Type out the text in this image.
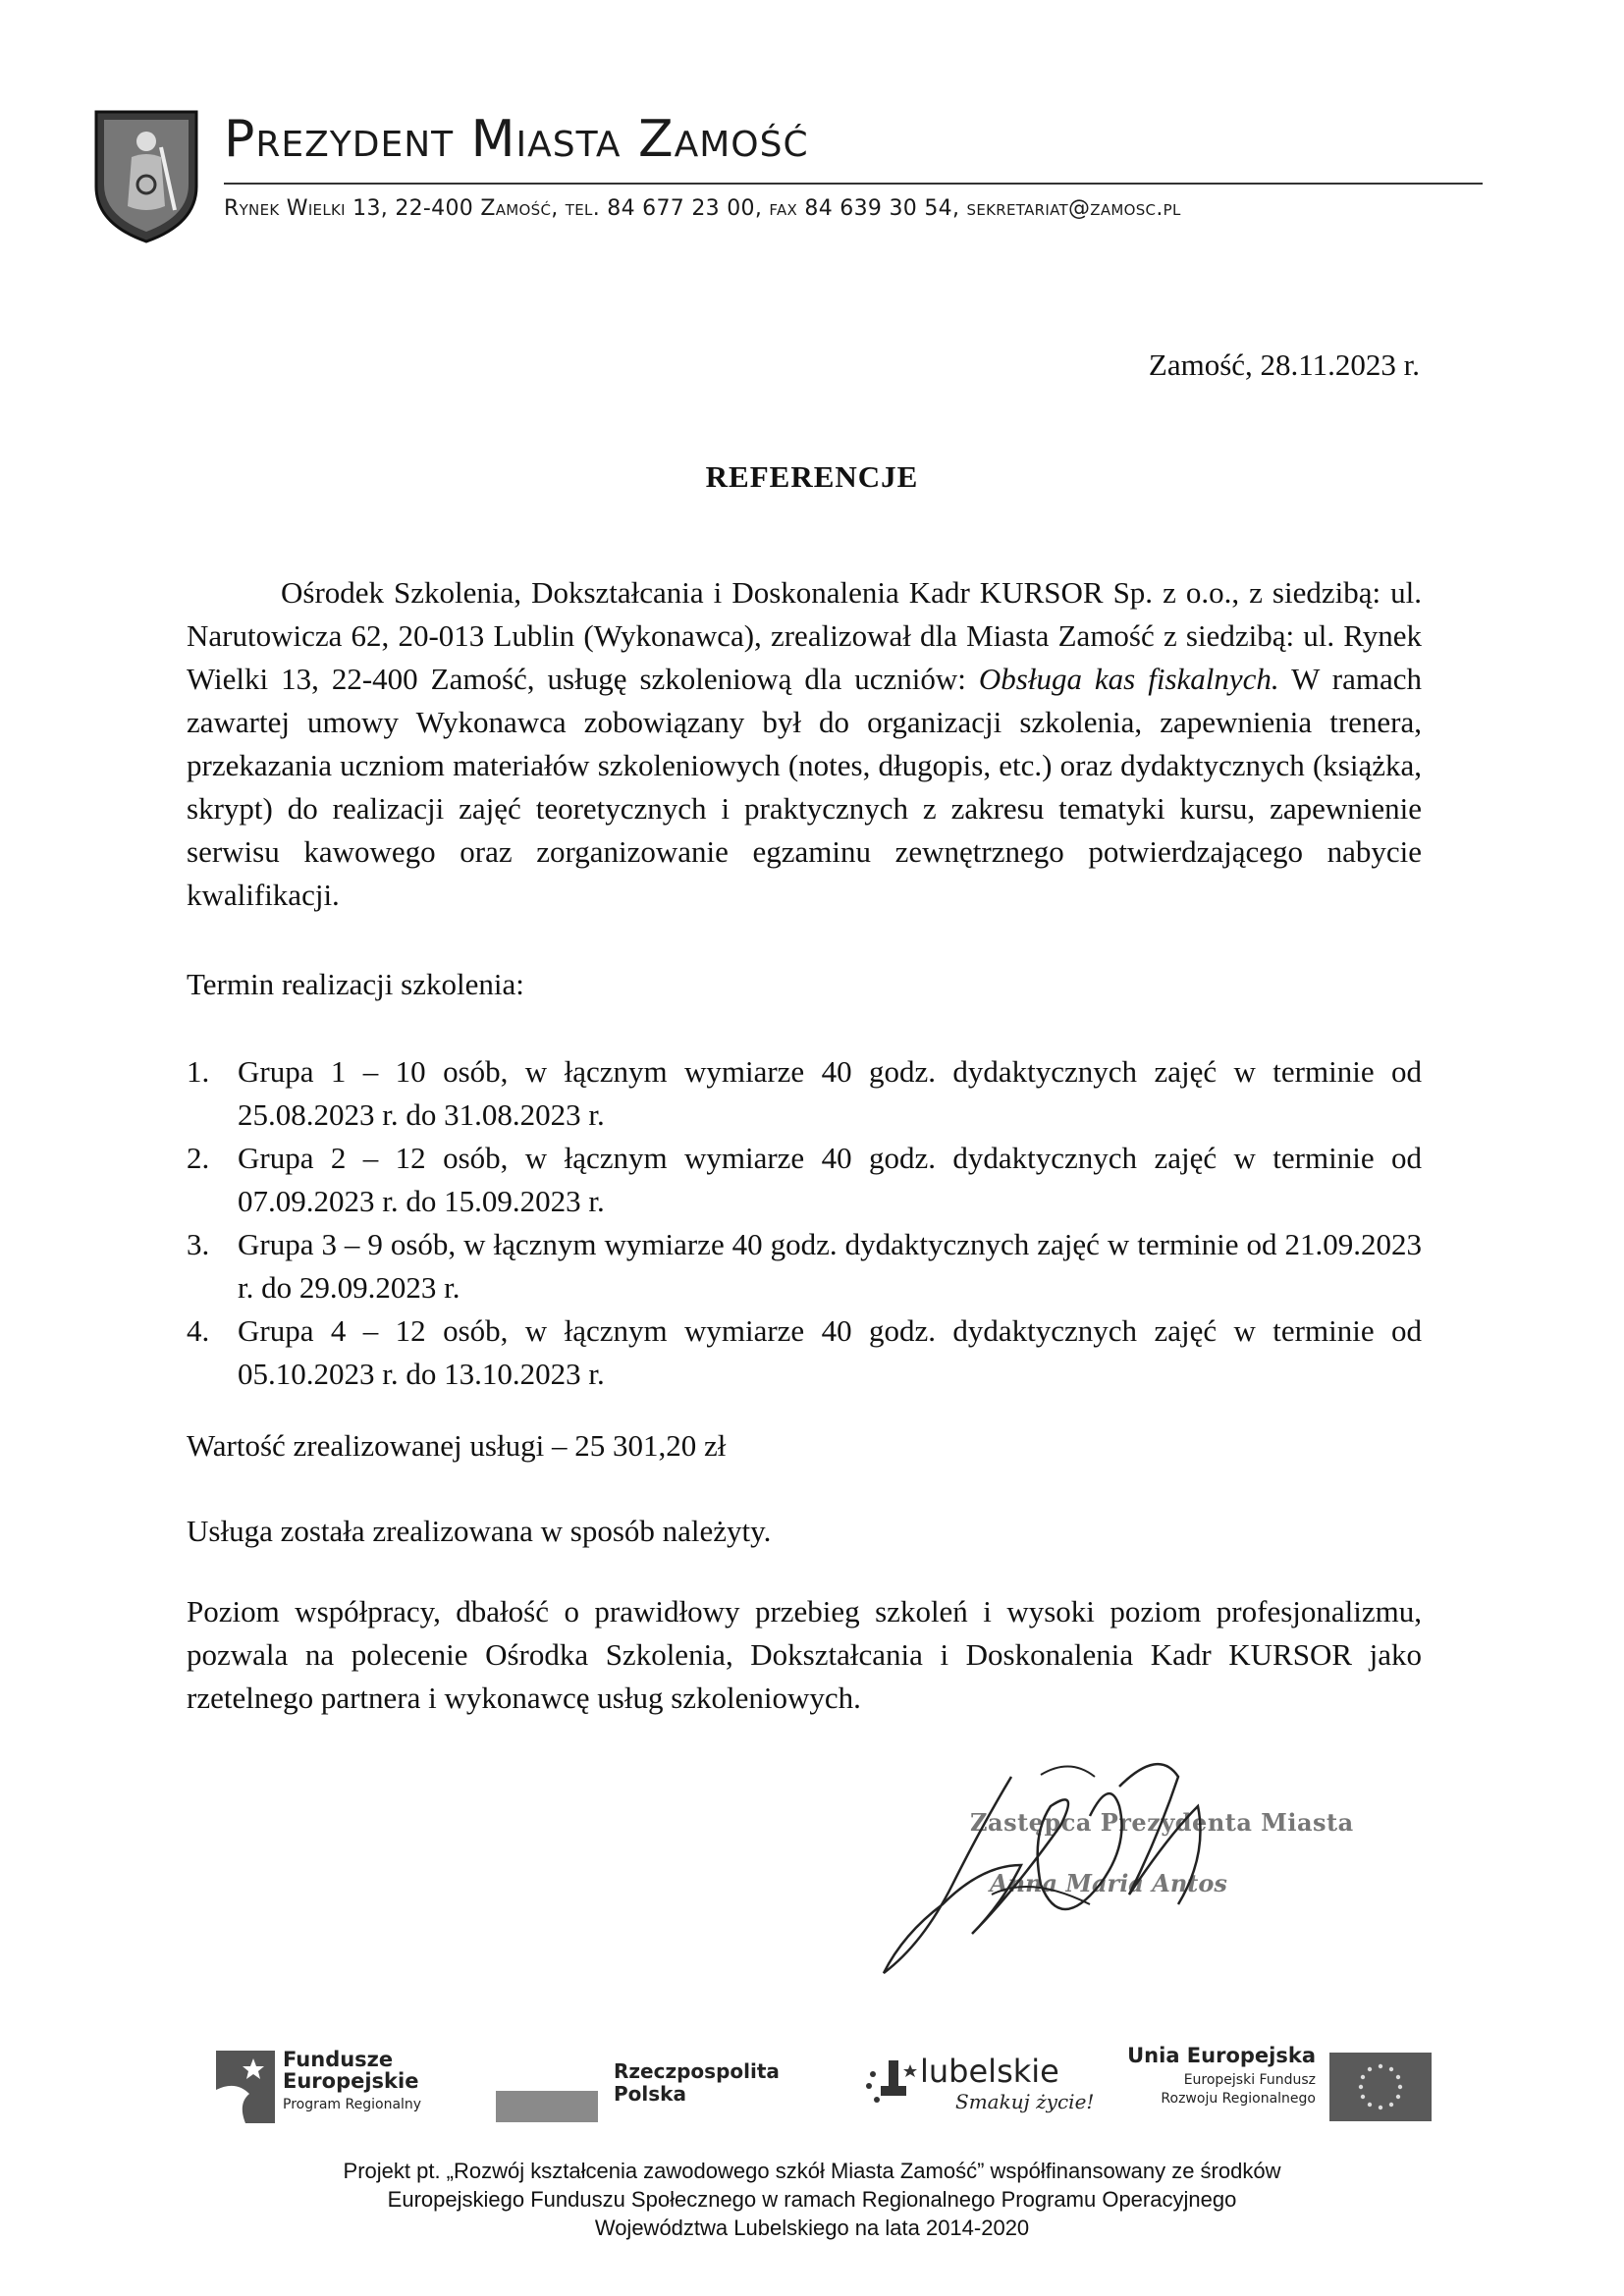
Prezydent Miasta Zamość
Rynek Wielki 13, 22-400 Zamość, tel. 84 677 23 00, fax 84 639 30 54, sekretariat@zamosc.pl
Zamość, 28.11.2023 r.
REFERENCJE
Ośrodek Szkolenia, Dokształcania i Doskonalenia Kadr KURSOR Sp. z o.o., z siedzibą: ul. Narutowicza 62, 20-013 Lublin (Wykonawca), zrealizował dla Miasta Zamość z siedzibą: ul. Rynek Wielki 13, 22-400 Zamość, usługę szkoleniową dla uczniów: Obsługa kas fiskalnych. W ramach zawartej umowy Wykonawca zobowiązany był do organizacji szkolenia, zapewnienia trenera, przekazania uczniom materiałów szkoleniowych (notes, długopis, etc.) oraz dydaktycznych (książka, skrypt) do realizacji zajęć teoretycznych i praktycznych z zakresu tematyki kursu, zapewnienie serwisu kawowego oraz zorganizowanie egzaminu zewnętrznego potwierdzającego nabycie kwalifikacji.
Termin realizacji szkolenia:
1. Grupa 1 – 10 osób, w łącznym wymiarze 40 godz. dydaktycznych zajęć w terminie od 25.08.2023 r. do 31.08.2023 r.
2. Grupa 2 – 12 osób, w łącznym wymiarze 40 godz. dydaktycznych zajęć w terminie od 07.09.2023 r. do 15.09.2023 r.
3. Grupa 3 – 9 osób, w łącznym wymiarze 40 godz. dydaktycznych zajęć w terminie od 21.09.2023 r. do 29.09.2023 r.
4. Grupa 4 – 12 osób, w łącznym wymiarze 40 godz. dydaktycznych zajęć w terminie od 05.10.2023 r. do 13.10.2023 r.
Wartość zrealizowanej usługi – 25 301,20 zł
Usługa została zrealizowana w sposób należyty.
Poziom współpracy, dbałość o prawidłowy przebieg szkoleń i wysoki poziom profesjonalizmu, pozwala na polecenie Ośrodka Szkolenia, Dokształcania i Doskonalenia Kadr KURSOR jako rzetelnego partnera i wykonawcę usług szkoleniowych.
Zastępca Prezydenta Miasta
Anna Maria Antos
Fundusze
Europejskie
Program Regionalny
Rzeczpospolita
Polska
lubelskie
Smakuj życie!
Unia Europejska
Europejski Fundusz
Rozwoju Regionalnego
Projekt pt. „Rozwój kształcenia zawodowego szkół Miasta Zamość” współfinansowany ze środków
Europejskiego Funduszu Społecznego w ramach Regionalnego Programu Operacyjnego
Województwa Lubelskiego na lata 2014-2020
